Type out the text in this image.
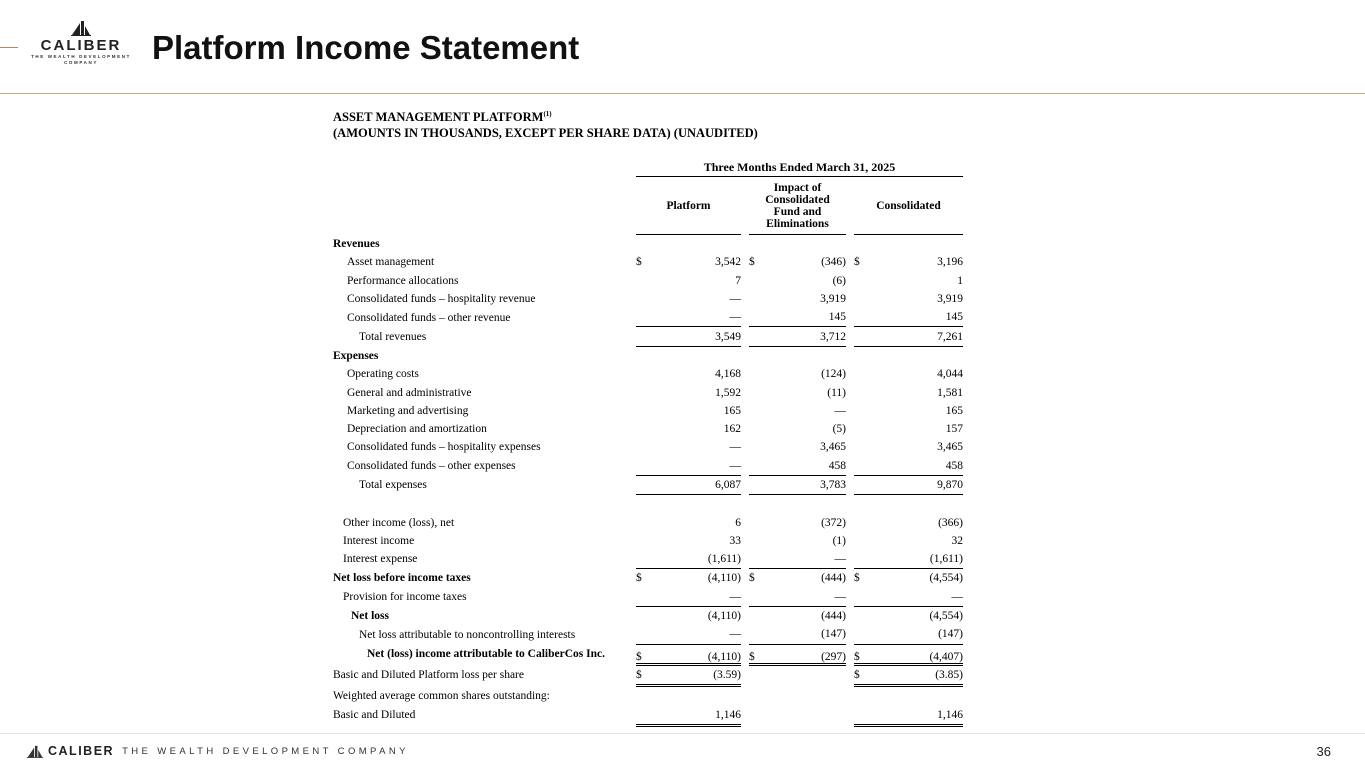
CALIBER
THE WEALTH DEVELOPMENT
COMPANY	Platform Income Statement
ASSET MANAGEMENT PLATFORM$^{(1)}$
(AMOUNTS IN THOUSANDS, EXCEPT PER SHARE DATA) (UNAUDITED)
		Three Months Ended March 31, 2025							
		Platform			Impact of
Consolidated
Fund and
Eliminations			Consolidated	
Revenues									
Asset management		$	3,542		$	(346)		$	3,196
Performance allocations			7			(6)			1
Consolidated funds – hospitality revenue			—			3,919			3,919
Consolidated funds – other revenue			—			145			145
Total revenues			3,549			3,712			7,261
Expenses									
Operating costs			4,168			(124)			4,044
General and administrative			1,592			(11)			1,581
Marketing and advertising			165			—			165
Depreciation and amortization			162			(5)			157
Consolidated funds – hospitality expenses			—			3,465			3,465
Consolidated funds – other expenses			—			458			458
Total expenses			6,087			3,783			9,870

Other income (loss), net			6			(372)			(366)
Interest income			33			(1)			32
Interest expense			(1,611)			—			(1,611)
Net loss before income taxes		$	(4,110)		$	(444)		$	(4,554)
Provision for income taxes			—			—			—
Net loss			(4,110)			(444)			(4,554)
Net loss attributable to noncontrolling interests			—			(147)			(147)
Net (loss) income attributable to CaliberCos Inc.		$	(4,110)		$	(297)		$	(4,407)
Basic and Diluted Platform loss per share		$	(3.59)					$	(3.85)
Weighted average common shares outstanding:									
Basic and Diluted			1,146						1,146
CALIBER THE WEALTH DEVELOPMENT COMPANY	36
